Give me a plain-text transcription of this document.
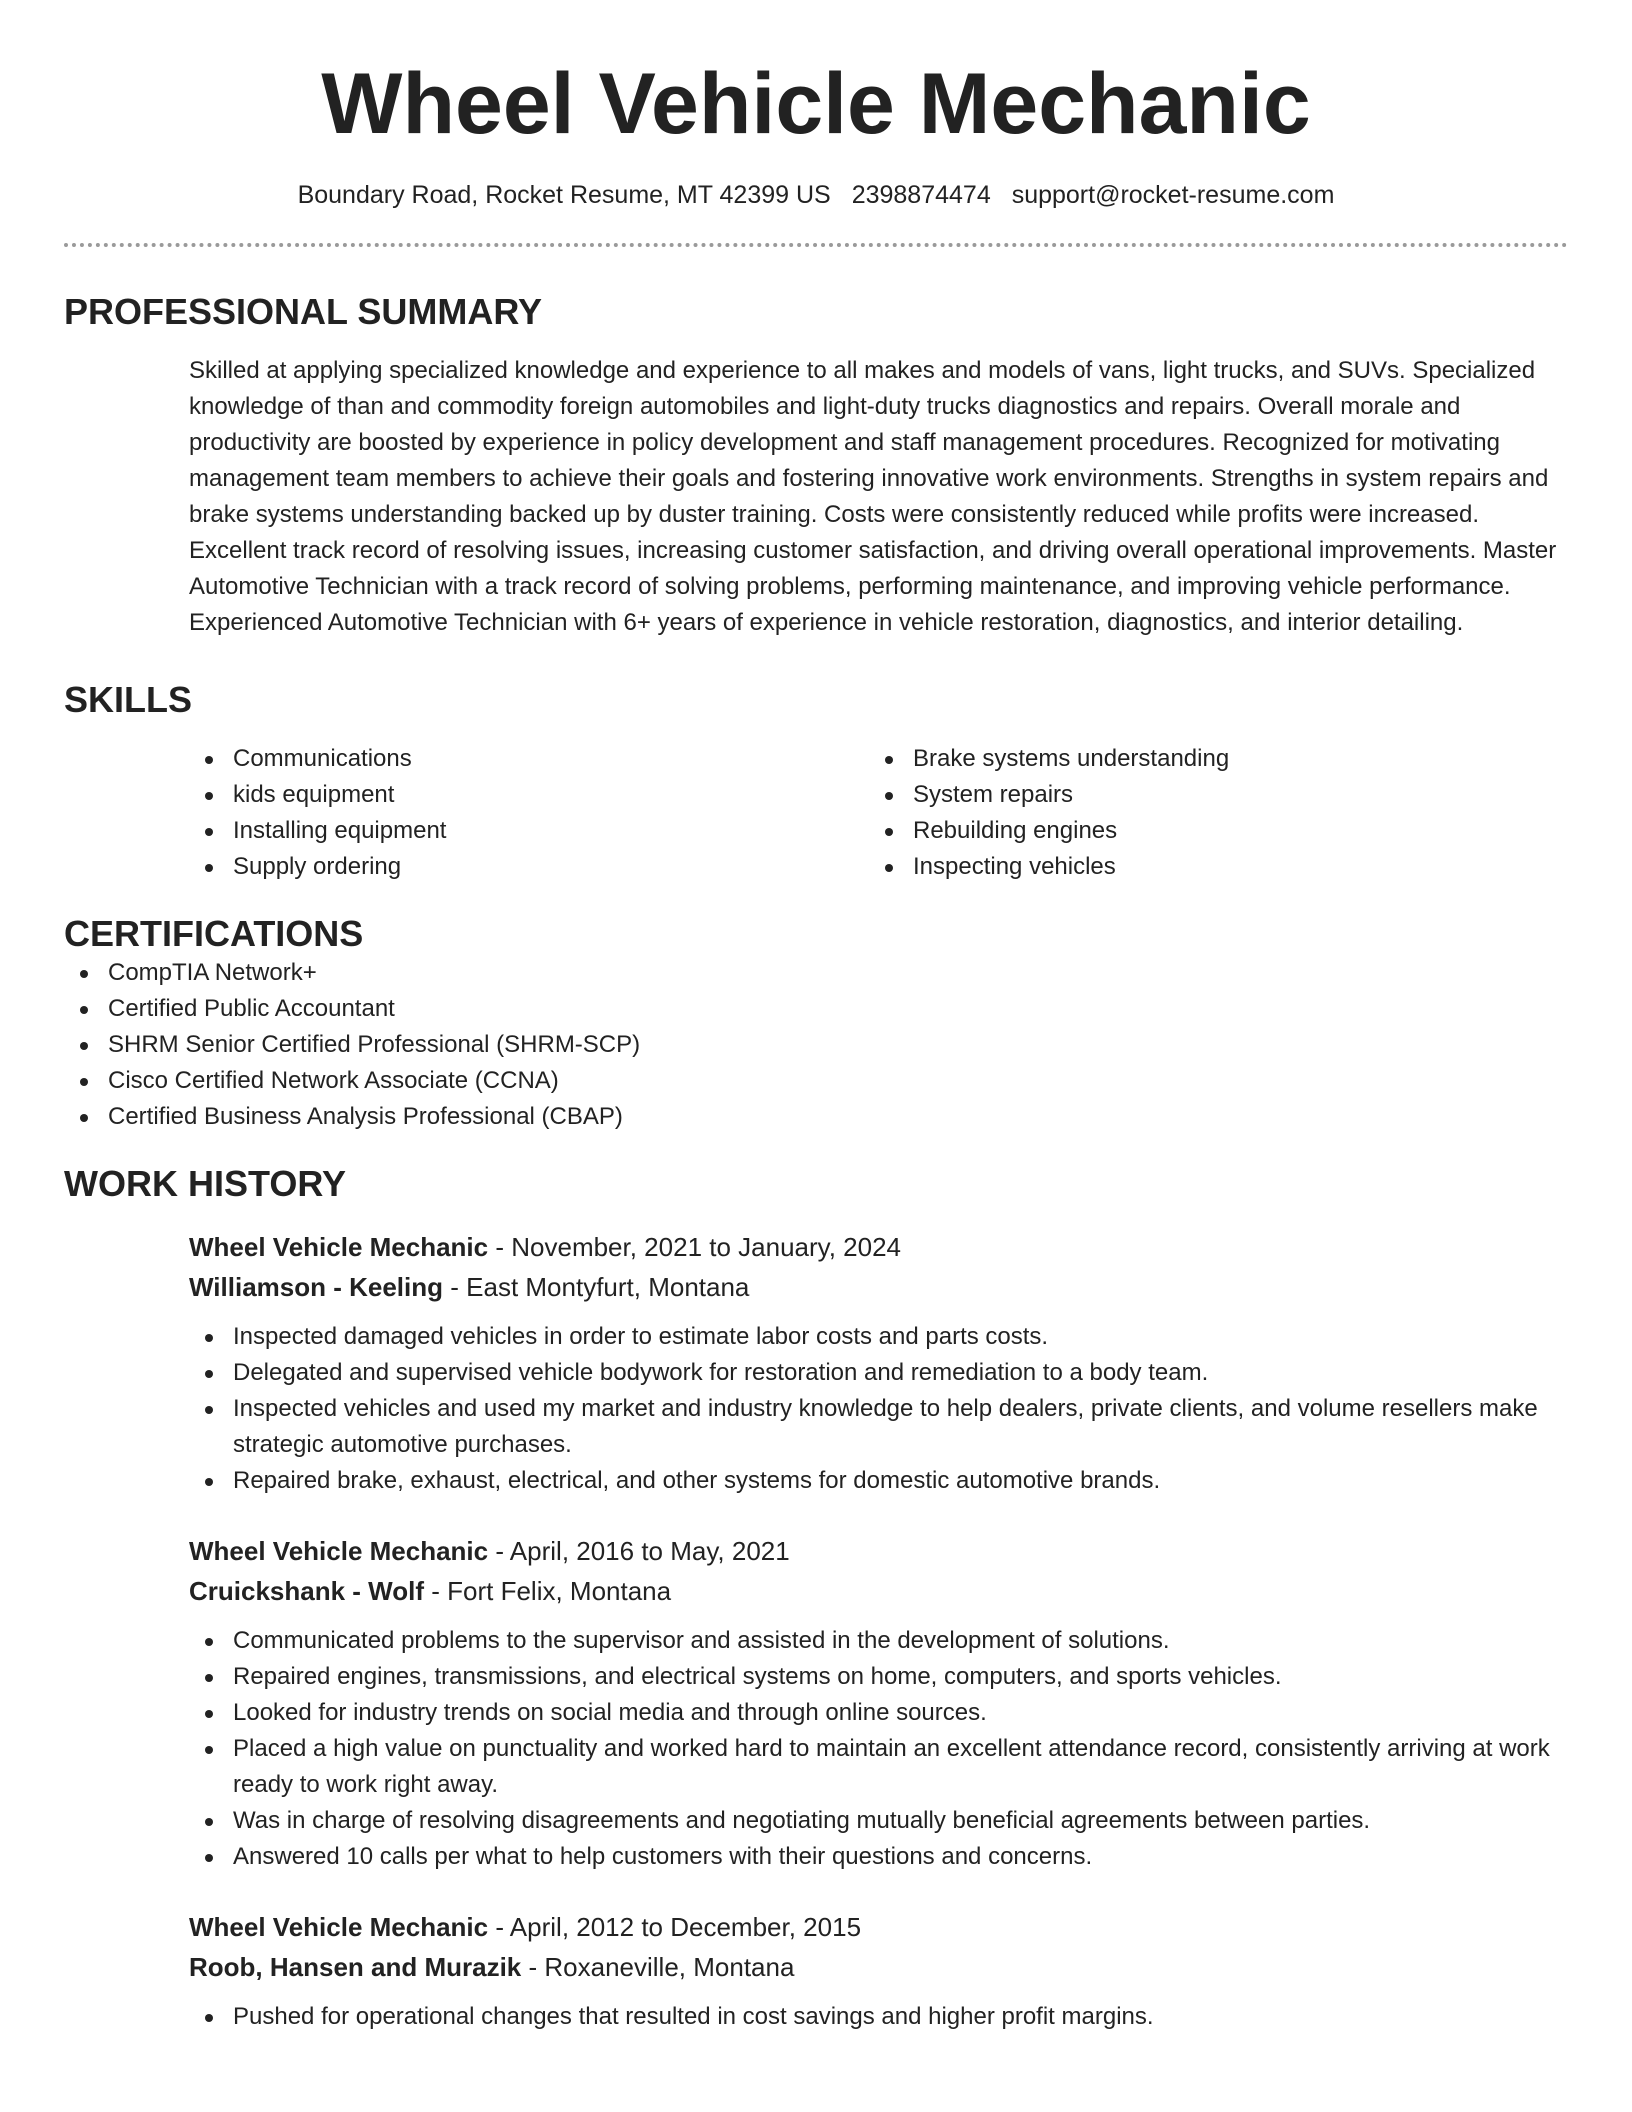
Wheel Vehicle Mechanic
Boundary Road, Rocket Resume, MT 42399 US 2398874474 support@rocket-resume.com
PROFESSIONAL SUMMARY

Skilled at applying specialized knowledge and experience to all makes and models of vans, light trucks, and SUVs. Specialized knowledge of than and commodity foreign automobiles and light-duty trucks diagnostics and repairs. Overall morale and productivity are boosted by experience in policy development and staff management procedures. Recognized for motivating management team members to achieve their goals and fostering innovative work environments. Strengths in system repairs and brake systems understanding backed up by duster training. Costs were consistently reduced while profits were increased. Excellent track record of resolving issues, increasing customer satisfaction, and driving overall operational improvements. Master Automotive Technician with a track record of solving problems, performing maintenance, and improving vehicle performance. Experienced Automotive Technician with 6+ years of experience in vehicle restoration, diagnostics, and interior detailing.

SKILLS
Communications
kids equipment
Installing equipment
Supply ordering
Brake systems understanding
System repairs
Rebuilding engines
Inspecting vehicles
CERTIFICATIONS
CompTIA Network+
Certified Public Accountant
SHRM Senior Certified Professional (SHRM-SCP)
Cisco Certified Network Associate (CCNA)
Certified Business Analysis Professional (CBAP)
WORK HISTORY
Wheel Vehicle Mechanic - November, 2021 to January, 2024
Williamson - Keeling - East Montyfurt, Montana
Inspected damaged vehicles in order to estimate labor costs and parts costs.
Delegated and supervised vehicle bodywork for restoration and remediation to a body team.
Inspected vehicles and used my market and industry knowledge to help dealers, private clients, and volume resellers make strategic automotive purchases.
Repaired brake, exhaust, electrical, and other systems for domestic automotive brands.
Wheel Vehicle Mechanic - April, 2016 to May, 2021
Cruickshank - Wolf - Fort Felix, Montana
Communicated problems to the supervisor and assisted in the development of solutions.
Repaired engines, transmissions, and electrical systems on home, computers, and sports vehicles.
Looked for industry trends on social media and through online sources.
Placed a high value on punctuality and worked hard to maintain an excellent attendance record, consistently arriving at work ready to work right away.
Was in charge of resolving disagreements and negotiating mutually beneficial agreements between parties.
Answered 10 calls per what to help customers with their questions and concerns.
Wheel Vehicle Mechanic - April, 2012 to December, 2015
Roob, Hansen and Murazik - Roxaneville, Montana
Pushed for operational changes that resulted in cost savings and higher profit margins.
